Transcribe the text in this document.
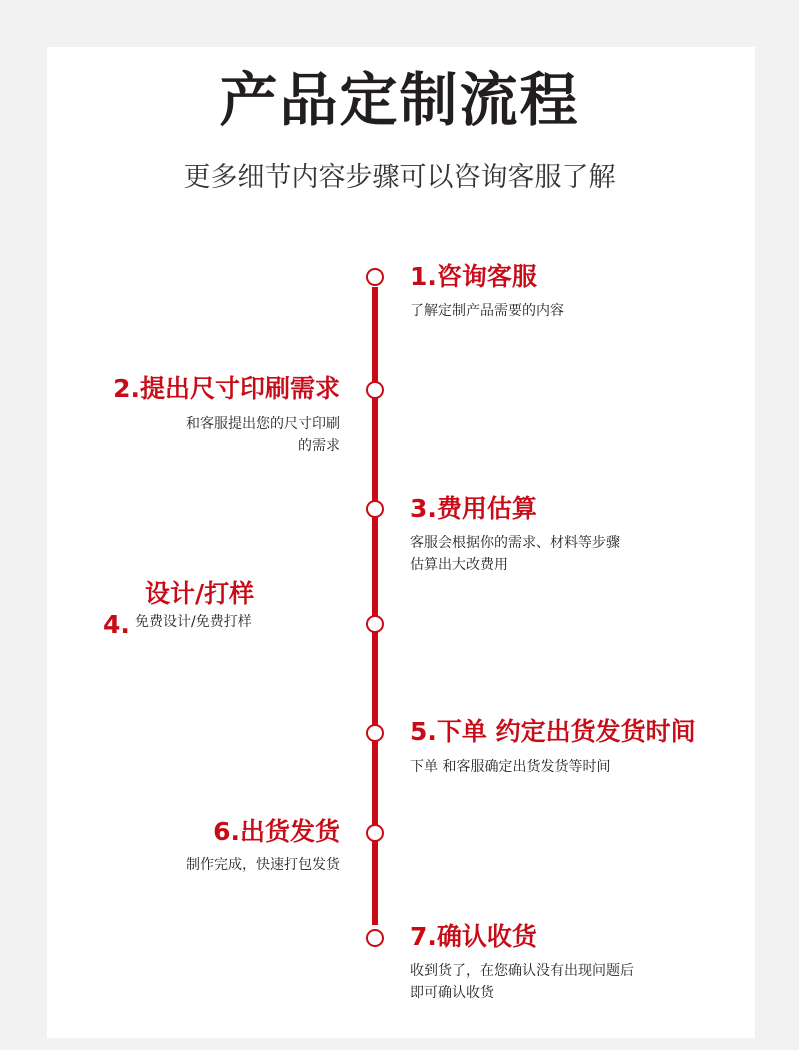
产品定制流程
更多细节内容步骤可以咨询客服了解
1.咨询客服
了解定制产品需要的内容
2.提出尺寸印刷需求
和客服提出您的尺寸印刷
的需求
3.费用估算
客服会根据你的需求、材料等步骤
估算出大改费用
设计/打样
4. 免费设计/免费打样
5.下单 约定出货发货时间
下单 和客服确定出货发货等时间
6.出货发货
制作完成，快速打包发货
7.确认收货
收到货了，在您确认没有出现问题后
即可确认收货
